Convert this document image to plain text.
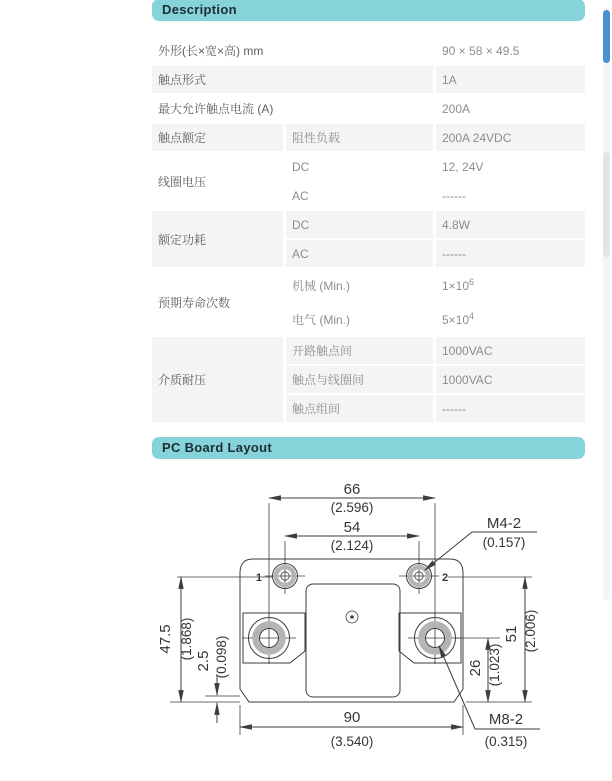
Description
外形(长×宽×高) mm		90 × 58 × 49.5
触点形式		1A
最大允许触点电流 (A)		200A
触点额定	阻性负载	200A 24VDC
线圈电压	DC	12, 24V
	AC	------
额定功耗	DC	4.8W
	AC	------
预期寿命次数	机械 (Min.)	$1\times 10^6$
	电气 (Min.)	$5\times 10^4$
介质耐压	开路触点间	1000VAC
	触点与线圈间	1000VAC
	触点组间	------
PC Board Layout
1	2
66
(2.596)
54
(2.124)
M4-2
(0.157)
47.5 (1.868)
2.5 (0.098)
90
(3.540)
26 (1.023)
51 (2.006)
M8-2
(0.315)
